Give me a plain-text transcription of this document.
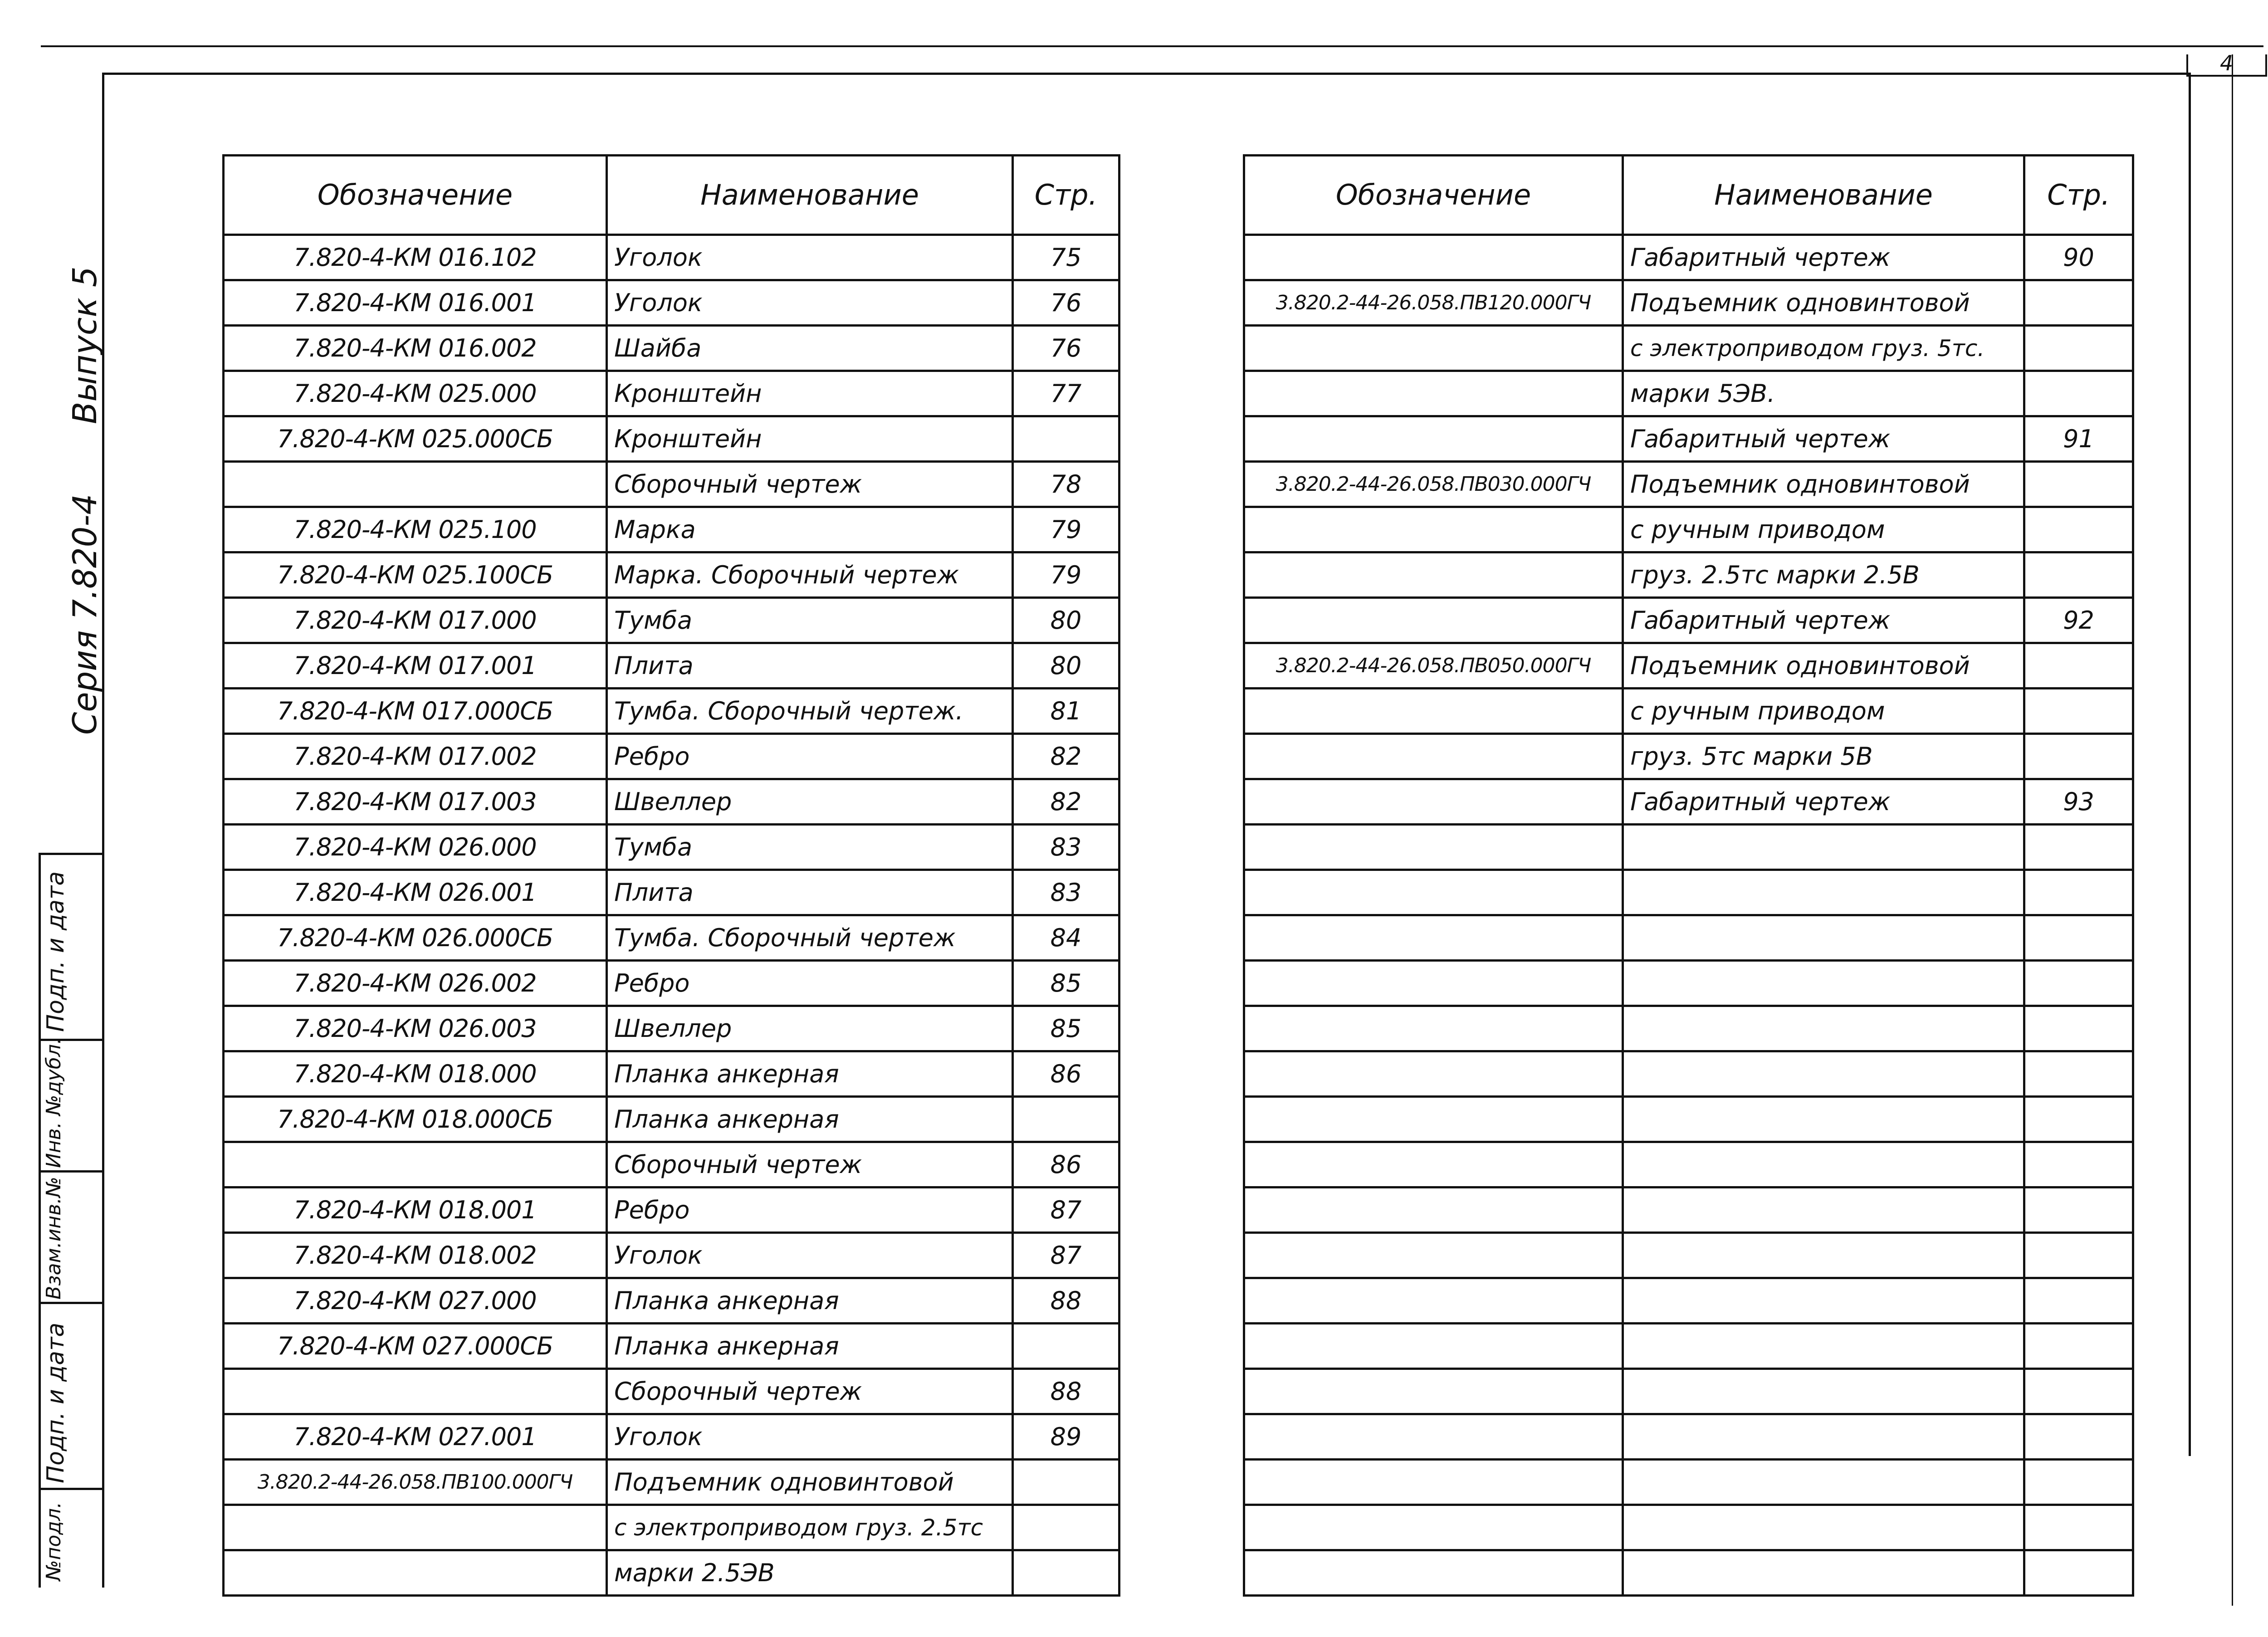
4
Серия 7.820-4
Выпуск 5
Подп. и дата
Инв. №дубл.
Взам.инв.№
Подп. и дата
№подл.
Обозначение	Наименование	Стр.
7.820-4-КМ 016.102	Уголок	75
7.820-4-КМ 016.001	Уголок	76
7.820-4-КМ 016.002	Шайба	76
7.820-4-КМ 025.000	Кронштейн	77
7.820-4-КМ 025.000СБ	Кронштейн	
	Сборочный чертеж	78
7.820-4-КМ 025.100	Марка	79
7.820-4-КМ 025.100СБ	Марка. Сборочный чертеж	79
7.820-4-КМ 017.000	Тумба	80
7.820-4-КМ 017.001	Плита	80
7.820-4-КМ 017.000СБ	Тумба. Сборочный чертеж.	81
7.820-4-КМ 017.002	Ребро	82
7.820-4-КМ 017.003	Швеллер	82
7.820-4-КМ 026.000	Тумба	83
7.820-4-КМ 026.001	Плита	83
7.820-4-КМ 026.000СБ	Тумба. Сборочный чертеж	84
7.820-4-КМ 026.002	Ребро	85
7.820-4-КМ 026.003	Швеллер	85
7.820-4-КМ 018.000	Планка анкерная	86
7.820-4-КМ 018.000СБ	Планка анкерная	
	Сборочный чертеж	86
7.820-4-КМ 018.001	Ребро	87
7.820-4-КМ 018.002	Уголок	87
7.820-4-КМ 027.000	Планка анкерная	88
7.820-4-КМ 027.000СБ	Планка анкерная	
	Сборочный чертеж	88
7.820-4-КМ 027.001	Уголок	89
3.820.2-44-26.058.ПВ100.000ГЧ	Подъемник одновинтовой	
	с электроприводом груз. 2.5тс	
	марки 2.5ЭВ	
Обозначение	Наименование	Стр.
	Габаритный чертеж	90
3.820.2-44-26.058.ПВ120.000ГЧ	Подъемник одновинтовой	
	с электроприводом груз. 5тс.	
	марки 5ЭВ.	
	Габаритный чертеж	91
3.820.2-44-26.058.ПВ030.000ГЧ	Подъемник одновинтовой	
	с ручным приводом	
	груз. 2.5тс марки 2.5В	
	Габаритный чертеж	92
3.820.2-44-26.058.ПВ050.000ГЧ	Подъемник одновинтовой	
	с ручным приводом	
	груз. 5тс марки 5В	
	Габаритный чертеж	93
